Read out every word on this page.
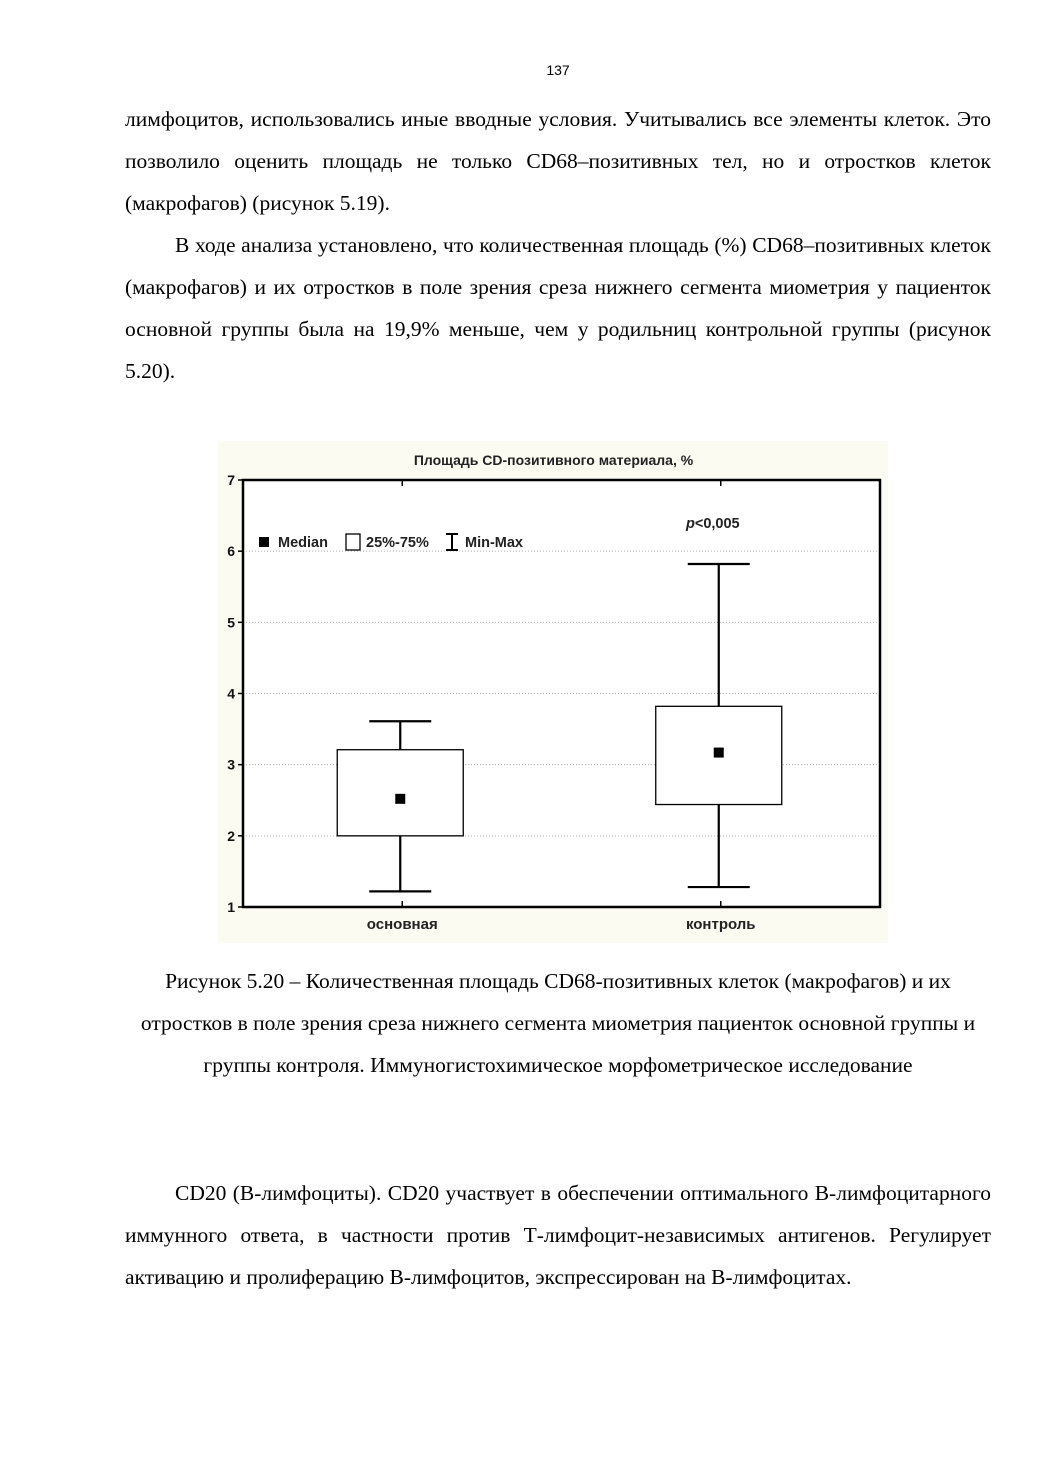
137

лимфоцитов, использовались иные вводные условия. Учитывались все элементы клеток. Это позволило оценить площадь не только CD68–позитивных тел, но и отростков клеток (макрофагов) (рисунок 5.19).

В ходе анализа установлено, что количественная площадь (%) CD68–позитивных клеток (макрофагов) и их отростков в поле зрения среза нижнего сегмента миометрия у пациенток основной группы была на 19,9% меньше, чем у родильниц контрольной группы (рисунок 5.20).

Площадь CD-позитивного материала, %
1
2
3
4
5
6
7
основная	контроль
Median	25%-75% Min-Max
p<0,005

Рисунок 5.20 – Количественная площадь CD68-позитивных клеток (макрофагов) и их отростков в поле зрения среза нижнего сегмента миометрия пациенток основной группы и группы контроля. Иммуногистохимическое морфометрическое исследование

CD20 (B-лимфоциты). CD20 участвует в обеспечении оптимального B-лимфоцитарного иммунного ответа, в частности против Т-лимфоцит-независимых антигенов. Регулирует активацию и пролиферацию В-лимфоцитов, экспрессирован на В-лимфоцитах.
